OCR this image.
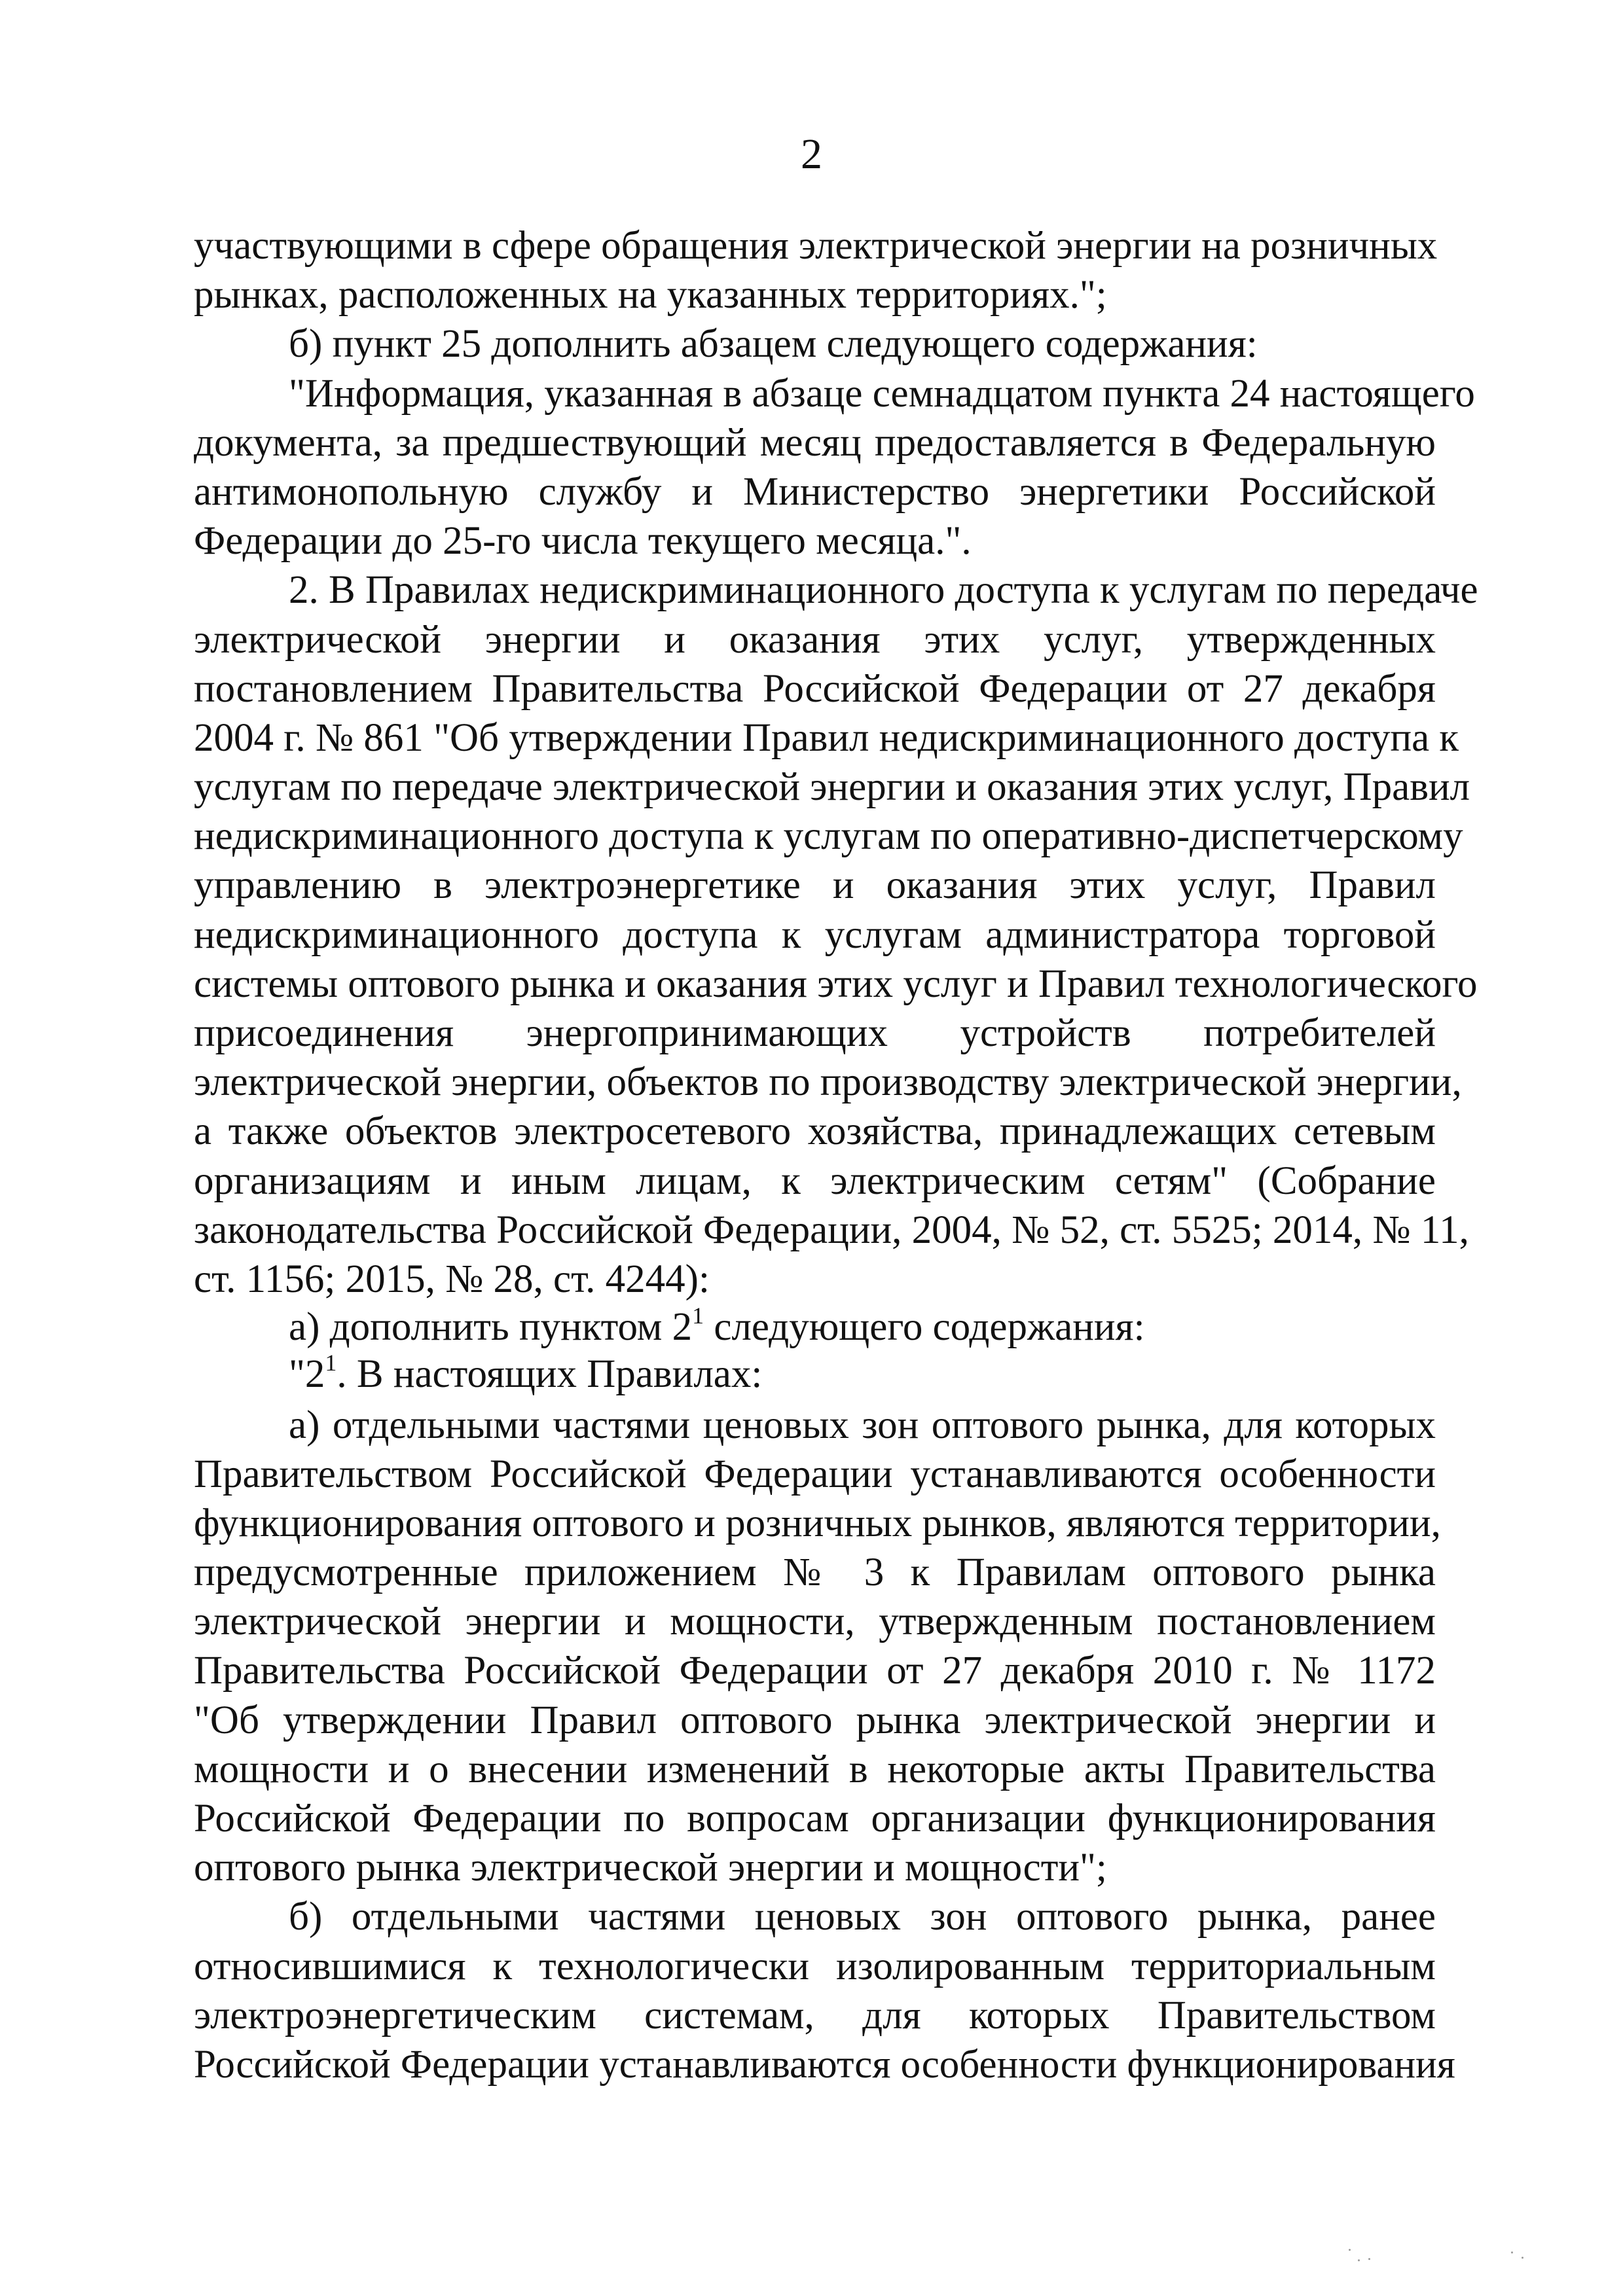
2
участвующими в сфере обращения электрической энергии на розничных
рынках, расположенных на указанных территориях.";
б) пункт 25 дополнить абзацем следующего содержания:
"Информация, указанная в абзаце семнадцатом пункта 24 настоящего
документа, за предшествующий месяц предоставляется в Федеральную
антимонопольную службу и Министерство энергетики Российской
Федерации до 25-го числа текущего месяца.".
2. В Правилах недискриминационного доступа к услугам по передаче
электрической энергии и оказания этих услуг, утвержденных
постановлением Правительства Российской Федерации от 27 декабря
2004 г. № 861 "Об утверждении Правил недискриминационного доступа к
услугам по передаче электрической энергии и оказания этих услуг, Правил
недискриминационного доступа к услугам по оперативно-диспетчерскому
управлению в электроэнергетике и оказания этих услуг, Правил
недискриминационного доступа к услугам администратора торговой
системы оптового рынка и оказания этих услуг и Правил технологического
присоединения энергопринимающих устройств потребителей
электрической энергии, объектов по производству электрической энергии,
а также объектов электросетевого хозяйства, принадлежащих сетевым
организациям и иным лицам, к электрическим сетям" (Собрание
законодательства Российской Федерации, 2004, № 52, ст. 5525; 2014, № 11,
ст. 1156; 2015, № 28, ст. 4244):
а) дополнить пунктом $2^1$ следующего содержания:
"$2^1$. В настоящих Правилах:
а) отдельными частями ценовых зон оптового рынка, для которых
Правительством Российской Федерации устанавливаются особенности
функционирования оптового и розничных рынков, являются территории,
предусмотренные приложением № 3 к Правилам оптового рынка
электрической энергии и мощности, утвержденным постановлением
Правительства Российской Федерации от 27 декабря 2010 г. № 1172
"Об утверждении Правил оптового рынка электрической энергии и
мощности и о внесении изменений в некоторые акты Правительства
Российской Федерации по вопросам организации функционирования
оптового рынка электрической энергии и мощности";
б) отдельными частями ценовых зон оптового рынка, ранее
относившимися к технологически изолированным территориальным
электроэнергетическим системам, для которых Правительством
Российской Федерации устанавливаются особенности функционирования
